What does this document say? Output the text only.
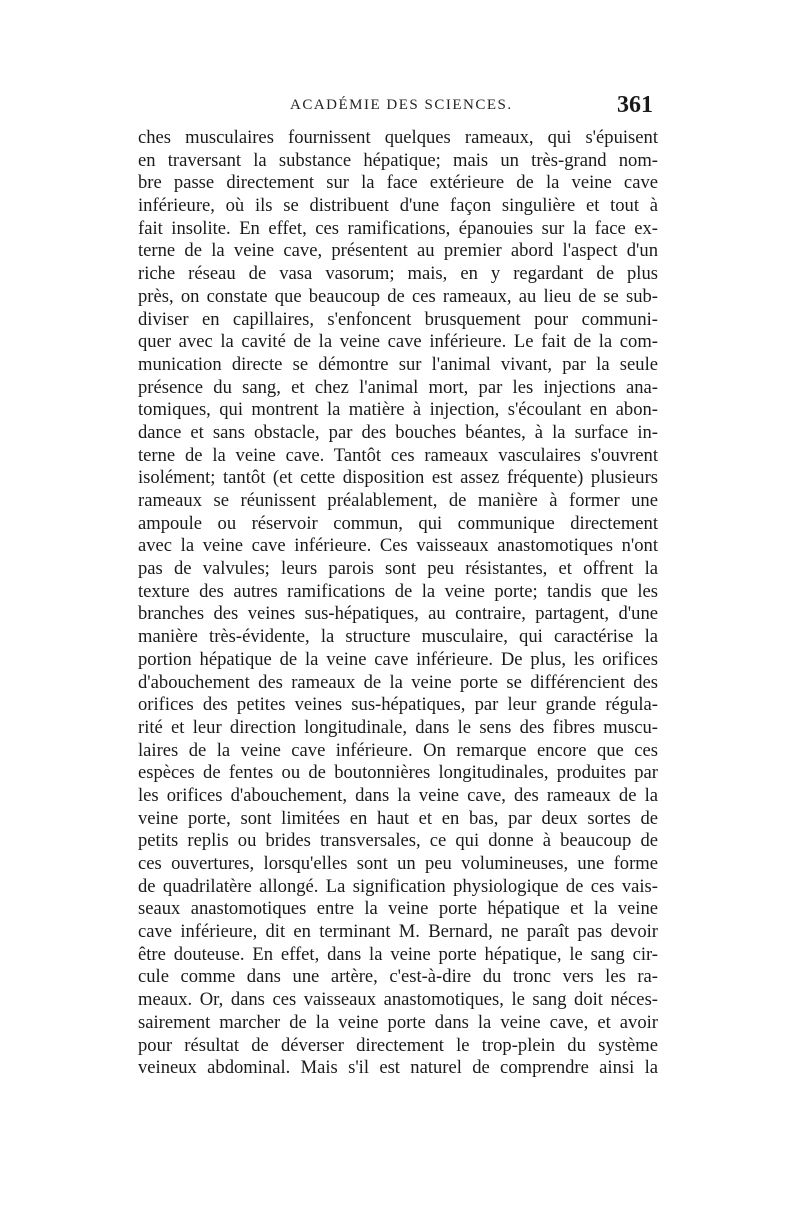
ACADÉMIE DES SCIENCES.	361
ches musculaires fournissent quelques rameaux, qui s'épuisent
en traversant la substance hépatique; mais un très-grand nom-
bre passe directement sur la face extérieure de la veine cave
inférieure, où ils se distribuent d'une façon singulière et tout à
fait insolite. En effet, ces ramifications, épanouies sur la face ex-
terne de la veine cave, présentent au premier abord l'aspect d'un
riche réseau de vasa vasorum; mais, en y regardant de plus
près, on constate que beaucoup de ces rameaux, au lieu de se sub-
diviser en capillaires, s'enfoncent brusquement pour communi-
quer avec la cavité de la veine cave inférieure. Le fait de la com-
munication directe se démontre sur l'animal vivant, par la seule
présence du sang, et chez l'animal mort, par les injections ana-
tomiques, qui montrent la matière à injection, s'écoulant en abon-
dance et sans obstacle, par des bouches béantes, à la surface in-
terne de la veine cave. Tantôt ces rameaux vasculaires s'ouvrent
isolément; tantôt (et cette disposition est assez fréquente) plusieurs
rameaux se réunissent préalablement, de manière à former une
ampoule ou réservoir commun, qui communique directement
avec la veine cave inférieure. Ces vaisseaux anastomotiques n'ont
pas de valvules; leurs parois sont peu résistantes, et offrent la
texture des autres ramifications de la veine porte; tandis que les
branches des veines sus-hépatiques, au contraire, partagent, d'une
manière très-évidente, la structure musculaire, qui caractérise la
portion hépatique de la veine cave inférieure. De plus, les orifices
d'abouchement des rameaux de la veine porte se différencient des
orifices des petites veines sus-hépatiques, par leur grande régula-
rité et leur direction longitudinale, dans le sens des fibres muscu-
laires de la veine cave inférieure. On remarque encore que ces
espèces de fentes ou de boutonnières longitudinales, produites par
les orifices d'abouchement, dans la veine cave, des rameaux de la
veine porte, sont limitées en haut et en bas, par deux sortes de
petits replis ou brides transversales, ce qui donne à beaucoup de
ces ouvertures, lorsqu'elles sont un peu volumineuses, une forme
de quadrilatère allongé. La signification physiologique de ces vais-
seaux anastomotiques entre la veine porte hépatique et la veine
cave inférieure, dit en terminant M. Bernard, ne paraît pas devoir
être douteuse. En effet, dans la veine porte hépatique, le sang cir-
cule comme dans une artère, c'est-à-dire du tronc vers les ra-
meaux. Or, dans ces vaisseaux anastomotiques, le sang doit néces-
sairement marcher de la veine porte dans la veine cave, et avoir
pour résultat de déverser directement le trop-plein du système
veineux abdominal. Mais s'il est naturel de comprendre ainsi la
